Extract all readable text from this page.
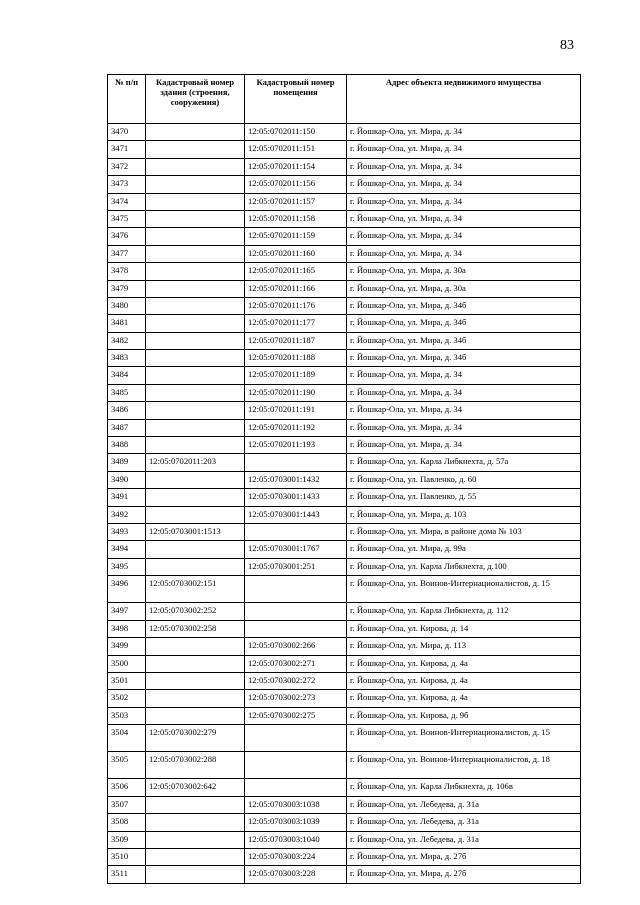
83
№ п/п	Кадастровый номер здания (строения, сооружения)	Кадастровый номер помещения	Адрес объекта недвижимого имущества
3470		12:05:0702011:150	г. Йошкар-Ола, ул. Мира, д. 34
3471		12:05:0702011:151	г. Йошкар-Ола, ул. Мира, д. 34
3472		12:05:0702011:154	г. Йошкар-Ола, ул. Мира, д. 34
3473		12:05:0702011:156	г. Йошкар-Ола, ул. Мира, д. 34
3474		12:05:0702011:157	г. Йошкар-Ола, ул. Мира, д. 34
3475		12:05:0702011:158	г. Йошкар-Ола, ул. Мира, д. 34
3476		12:05:0702011:159	г. Йошкар-Ола, ул. Мира, д. 34
3477		12:05:0702011:160	г. Йошкар-Ола, ул. Мира, д. 34
3478		12:05:0702011:165	г. Йошкар-Ола, ул. Мира, д. 30а
3479		12:05:0702011:166	г. Йошкар-Ола, ул. Мира, д. 30а
3480		12:05:0702011:176	г. Йошкар-Ола, ул. Мира, д. 34б
3481		12:05:0702011:177	г. Йошкар-Ола, ул. Мира, д. 34б
3482		12:05:0702011:187	г. Йошкар-Ола, ул. Мира, д. 34б
3483		12:05:0702011:188	г. Йошкар-Ола, ул. Мира, д. 34б
3484		12:05:0702011:189	г. Йошкар-Ола, ул. Мира, д. 34
3485		12:05:0702011:190	г. Йошкар-Ола, ул. Мира, д. 34
3486		12:05:0702011:191	г. Йошкар-Ола, ул. Мира, д. 34
3487		12:05:0702011:192	г. Йошкар-Ола, ул. Мира, д. 34
3488		12:05:0702011:193	г. Йошкар-Ола, ул. Мира, д. 34
3489	12:05:0702011:203		г. Йошкар-Ола, ул. Карла Либкнехта, д. 57а
3490		12:05:0703001:1432	г. Йошкар-Ола, ул. Павленко, д. 60
3491		12:05:0703001:1433	г. Йошкар-Ола, ул. Павленко, д. 55
3492		12:05:0703001:1443	г. Йошкар-Ола, ул. Мира, д. 103
3493	12:05:0703001:1513		г. Йошкар-Ола, ул. Мира, в районе дома № 103
3494		12:05:0703001:1767	г. Йошкар-Ола, ул. Мира, д. 99а
3495		12:05:0703001:251	г. Йошкар-Ола, ул. Карла Либкнехта, д.100
3496	12:05:0703002:151		г. Йошкар-Ола, ул. Воинов-Интернационалистов, д. 15
3497	12:05:0703002:252		г. Йошкар-Ола, ул. Карла Либкнехта, д. 112
3498	12:05:0703002:258		г. Йошкар-Ола, ул. Кирова, д. 14
3499		12:05:0703002:266	г. Йошкар-Ола, ул. Мира, д. 113
3500		12:05:0703002:271	г. Йошкар-Ола, ул. Кирова, д. 4а
3501		12:05:0703002:272	г. Йошкар-Ола, ул. Кирова, д. 4а
3502		12:05:0703002:273	г. Йошкар-Ола, ул. Кирова, д. 4а
3503		12:05:0703002:275	г. Йошкар-Ола, ул. Кирова, д. 9б
3504	12:05:0703002:279		г. Йошкар-Ола, ул. Воинов-Интернационалистов, д. 15
3505	12:05:0703002:288		г. Йошкар-Ола, ул. Воинов-Интернационалистов, д. 18
3506	12:05:0703002:642		г. Йошкар-Ола, ул. Карла Либкнехта, д. 106в
3507		12:05:0703003:1038	г. Йошкар-Ола, ул. Лебедева, д. 31а
3508		12:05:0703003:1039	г. Йошкар-Ола, ул. Лебедева, д. 31а
3509		12:05:0703003:1040	г. Йошкар-Ола, ул. Лебедева, д. 31а
3510		12:05:0703003:224	г. Йошкар-Ола, ул. Мира, д. 27б
3511		12:05:0703003:228	г. Йошкар-Ола, ул. Мира, д. 27б
